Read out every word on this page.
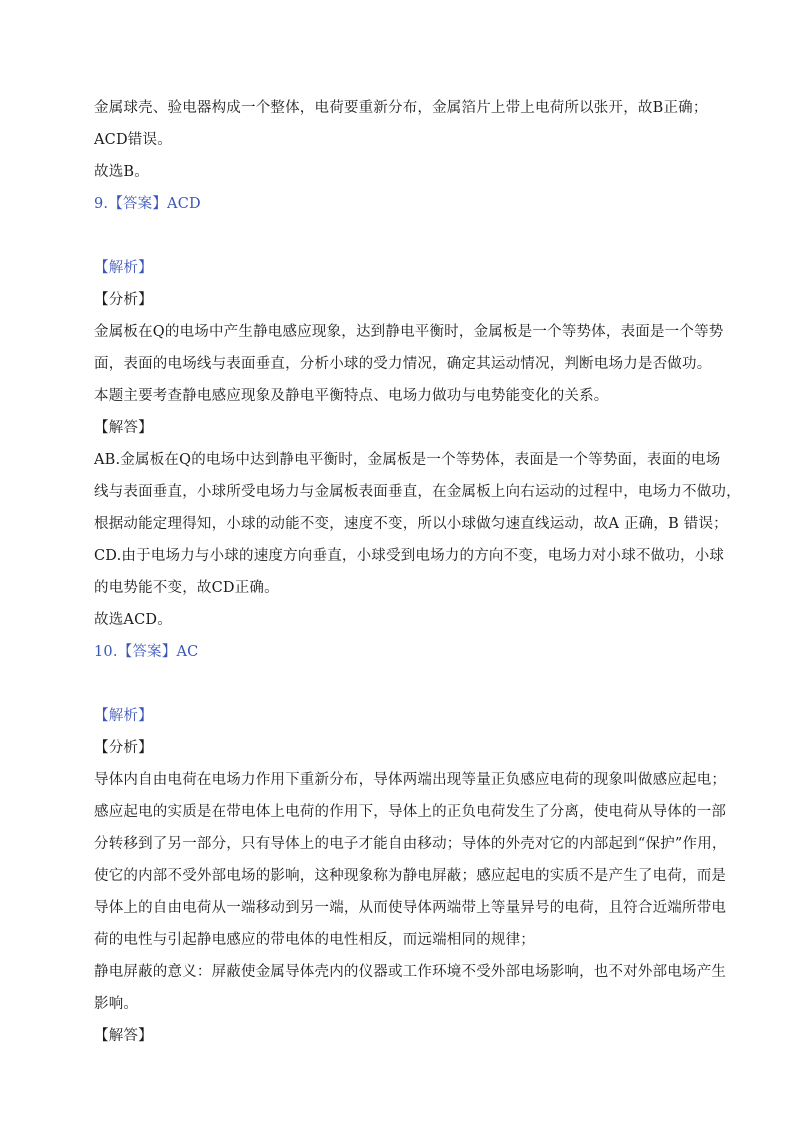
金属球壳、验电器构成一个整体，电荷要重新分布，金属箔片上带上电荷所以张开，故B正确；
ACD错误。
故选B。
9.【答案】ACD
【解析】
【分析】
金属板在Q的电场中产生静电感应现象，达到静电平衡时，金属板是一个等势体，表面是一个等势
面，表面的电场线与表面垂直，分析小球的受力情况，确定其运动情况，判断电场力是否做功。
本题主要考查静电感应现象及静电平衡特点、电场力做功与电势能变化的关系。
【解答】
AB.金属板在Q的电场中达到静电平衡时，金属板是一个等势体，表面是一个等势面，表面的电场
线与表面垂直，小球所受电场力与金属板表面垂直，在金属板上向右运动的过程中，电场力不做功，
根据动能定理得知，小球的动能不变，速度不变，所以小球做匀速直线运动，故A 正确，B 错误；
CD.由于电场力与小球的速度方向垂直，小球受到电场力的方向不变，电场力对小球不做功，小球
的电势能不变，故CD正确。
故选ACD。
10.【答案】AC
【解析】
【分析】
导体内自由电荷在电场力作用下重新分布，导体两端出现等量正负感应电荷的现象叫做感应起电；
感应起电的实质是在带电体上电荷的作用下，导体上的正负电荷发生了分离，使电荷从导体的一部
分转移到了另一部分，只有导体上的电子才能自由移动；导体的外壳对它的内部起到“保护”作用，
使它的内部不受外部电场的影响，这种现象称为静电屏蔽；感应起电的实质不是产生了电荷，而是
导体上的自由电荷从一端移动到另一端，从而使导体两端带上等量异号的电荷，且符合近端所带电
荷的电性与引起静电感应的带电体的电性相反，而远端相同的规律；
静电屏蔽的意义：屏蔽使金属导体壳内的仪器或工作环境不受外部电场影响，也不对外部电场产生
影响。
【解答】
